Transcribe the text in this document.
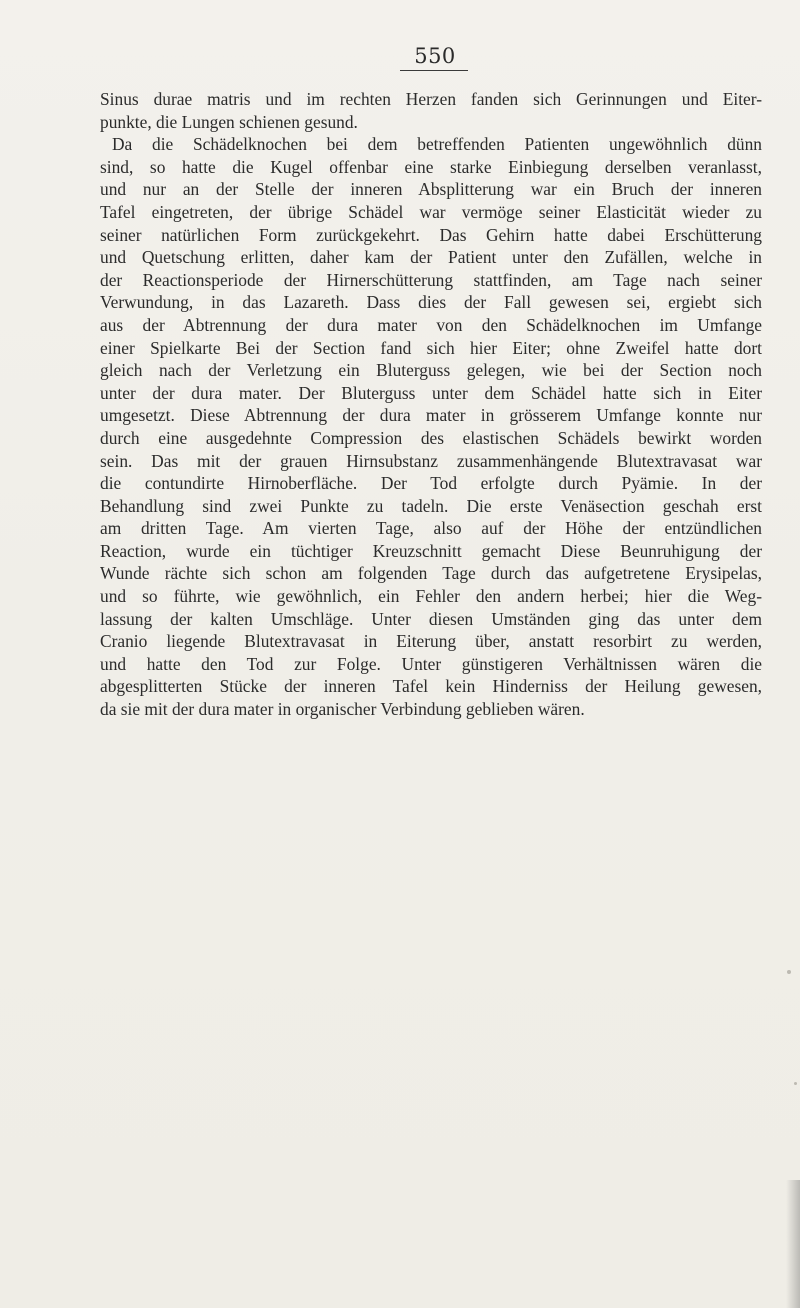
550
Sinus durae matris und im rechten Herzen fanden sich Gerinnungen und Eiter-
punkte, die Lungen schienen gesund.
Da die Schädelknochen bei dem betreffenden Patienten ungewöhnlich dünn
sind, so hatte die Kugel offenbar eine starke Einbiegung derselben veranlasst,
und nur an der Stelle der inneren Absplitterung war ein Bruch der inneren
Tafel eingetreten, der übrige Schädel war vermöge seiner Elasticität wieder zu
seiner natürlichen Form zurückgekehrt. Das Gehirn hatte dabei Erschütterung
und Quetschung erlitten, daher kam der Patient unter den Zufällen, welche in
der Reactionsperiode der Hirnerschütterung stattfinden, am Tage nach seiner
Verwundung, in das Lazareth. Dass dies der Fall gewesen sei, ergiebt sich
aus der Abtrennung der dura mater von den Schädelknochen im Umfange
einer Spielkarte Bei der Section fand sich hier Eiter; ohne Zweifel hatte dort
gleich nach der Verletzung ein Bluterguss gelegen, wie bei der Section noch
unter der dura mater. Der Bluterguss unter dem Schädel hatte sich in Eiter
umgesetzt. Diese Abtrennung der dura mater in grösserem Umfange konnte nur
durch eine ausgedehnte Compression des elastischen Schädels bewirkt worden
sein. Das mit der grauen Hirnsubstanz zusammenhängende Blutextravasat war
die contundirte Hirnoberfläche. Der Tod erfolgte durch Pyämie. In der
Behandlung sind zwei Punkte zu tadeln. Die erste Venäsection geschah erst
am dritten Tage. Am vierten Tage, also auf der Höhe der entzündlichen
Reaction, wurde ein tüchtiger Kreuzschnitt gemacht Diese Beunruhigung der
Wunde rächte sich schon am folgenden Tage durch das aufgetretene Erysipelas,
und so führte, wie gewöhnlich, ein Fehler den andern herbei; hier die Weg-
lassung der kalten Umschläge. Unter diesen Umständen ging das unter dem
Cranio liegende Blutextravasat in Eiterung über, anstatt resorbirt zu werden,
und hatte den Tod zur Folge. Unter günstigeren Verhältnissen wären die
abgesplitterten Stücke der inneren Tafel kein Hinderniss der Heilung gewesen,
da sie mit der dura mater in organischer Verbindung geblieben wären.
